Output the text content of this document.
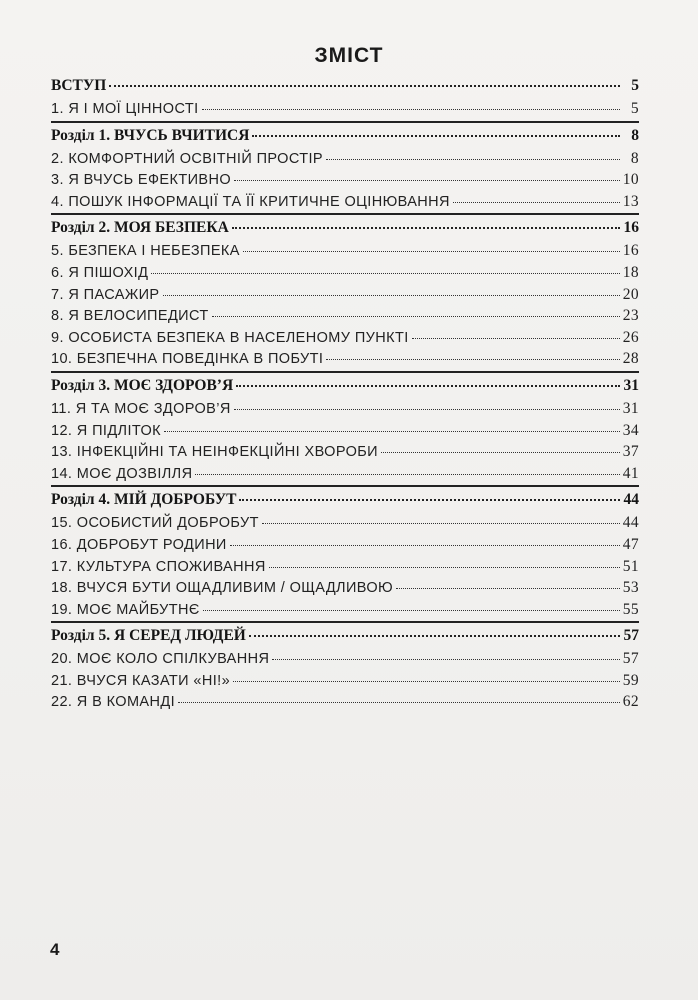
ЗМІСТ
ВСТУП	5
1. Я І МОЇ ЦІННОСТІ	5
Розділ 1. ВЧУСЬ ВЧИТИСЯ	8
2. КОМФОРТНИЙ ОСВІТНІЙ ПРОСТІР	8
3. Я ВЧУСЬ ЕФЕКТИВНО	10
4. ПОШУК ІНФОРМАЦІЇ ТА ЇЇ КРИТИЧНЕ ОЦІНЮВАННЯ	13
Розділ 2. МОЯ БЕЗПЕКА	16
5. БЕЗПЕКА І НЕБЕЗПЕКА	16
6. Я ПІШОХІД	18
7. Я ПАСАЖИР	20
8. Я ВЕЛОСИПЕДИСТ	23
9. ОСОБИСТА БЕЗПЕКА В НАСЕЛЕНОМУ ПУНКТІ	26
10. БЕЗПЕЧНА ПОВЕДІНКА В ПОБУТІ	28
Розділ 3. МОЄ ЗДОРОВ’Я	31
11. Я ТА МОЄ ЗДОРОВ’Я	31
12. Я ПІДЛІТОК	34
13. ІНФЕКЦІЙНІ ТА НЕІНФЕКЦІЙНІ ХВОРОБИ	37
14. МОЄ ДОЗВІЛЛЯ	41
Розділ 4. МІЙ ДОБРОБУТ	44
15. ОСОБИСТИЙ ДОБРОБУТ	44
16. ДОБРОБУТ РОДИНИ	47
17. КУЛЬТУРА СПОЖИВАННЯ	51
18. ВЧУСЯ БУТИ ОЩАДЛИВИМ / ОЩАДЛИВОЮ	53
19. МОЄ МАЙБУТНЄ	55
Розділ 5. Я СЕРЕД ЛЮДЕЙ	57
20. МОЄ КОЛО СПІЛКУВАННЯ	57
21. ВЧУСЯ КАЗАТИ «НІ!»	59
22. Я В КОМАНДІ	62
4
